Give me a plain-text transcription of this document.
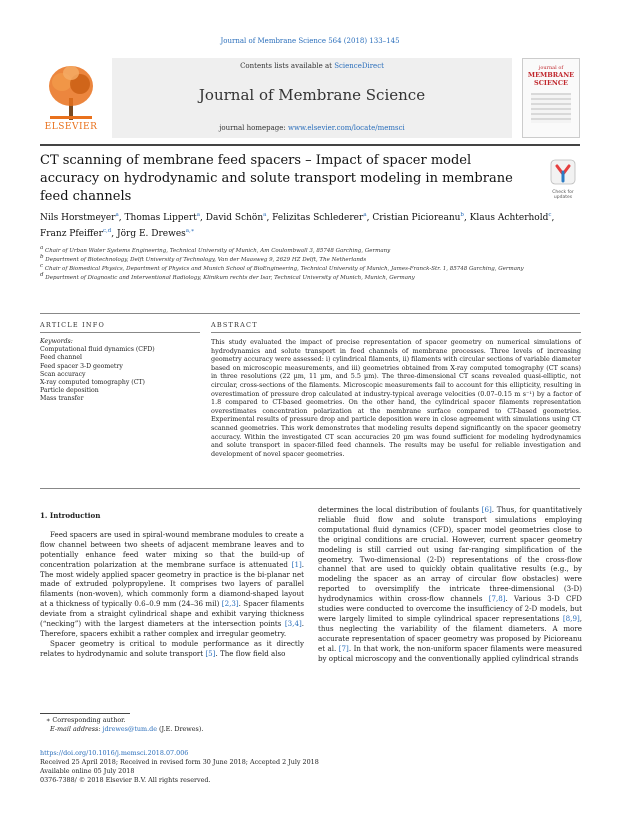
Journal of Membrane Science 564 (2018) 133–145
ELSEVIER
Contents lists available at ScienceDirect
Journal of Membrane Science
journal homepage: www.elsevier.com/locate/memsci
journal of
MEMBRANE
SCIENCE
CT scanning of membrane feed spacers – Impact of spacer model accuracy on hydrodynamic and solute transport modeling in membrane feed channels	Check for updates
Nils Horstmeyer$^a$, Thomas Lippert$^a$, David Schön$^a$, Felizitas Schlederer$^a$, Cristian Picioreanu$^b$, Klaus Achterhold$^c$, Franz Pfeiffer$^{c,d}$, Jörg E. Drewes$^{a,∗}$

$^a$ Chair of Urban Water Systems Engineering, Technical University of Munich, Am Coulombwall 3, 85748 Garching, Germany

$^b$ Department of Biotechnology, Delft University of Technology, Van der Maasweg 9, 2629 HZ Delft, The Netherlands

$^c$ Chair of Biomedical Physics, Department of Physics and Munich School of BioEngineering, Technical University of Munich, James-Franck-Str. 1, 85748 Garching, Germany

$^d$ Department of Diagnostic and Interventional Radiology, Klinikum rechts der Isar, Technical University of Munich, Munich, Germany

ARTICLE INFO	ABSTRACT
Keywords:
Computational fluid dynamics (CFD)
Feed channel
Feed spacer 3-D geometry
Scan accuracy
X-ray computed tomography (CT)
Particle deposition
Mass transfer
This study evaluated the impact of precise representation of spacer geometry on numerical simulations of hydrodynamics and solute transport in feed channels of membrane processes. Three levels of increasing geometry accuracy were assessed: i) cylindrical filaments, ii) filaments with circular sections of variable diameter based on microscopic measurements, and iii) geometries obtained from X-ray computed tomography (CT scans) in three resolutions (22 µm, 11 µm, and 5.5 µm). The three-dimensional CT scans revealed quasi-elliptic, not circular, cross-sections of the filaments. Microscopic measurements fail to account for this ellipticity, resulting in overestimation of pressure drop calculated at industry-typical average velocities (0.07–0.15 m s⁻¹) by a factor of 1.8 compared to CT-based geometries. On the other hand, the cylindrical spacer filaments representation overestimates concentration polarization at the membrane surface compared to CT-based geometries. Experimental results of pressure drop and particle deposition were in close agreement with simulations using CT scanned geometries. This work demonstrates that modeling results depend significantly on the spacer geometry accuracy. Within the investigated CT scan accuracies 20 µm was found sufficient for modeling hydrodynamics and solute transport in spacer-filled feed channels. The results may be useful for reliable investigation and development of novel spacer geometries.
1. Introduction

Feed spacers are used in spiral-wound membrane modules to create a flow channel between two sheets of adjacent membrane leaves and to potentially enhance feed water mixing so that the build-up of concentration polarization at the membrane surface is attenuated [1]. The most widely applied spacer geometry in practice is the bi-planar net made of extruded polypropylene. It comprises two layers of parallel filaments (non-woven), which commonly form a diamond-shaped layout at a thickness of typically 0.6–0.9 mm (24–36 mil) [2,3]. Spacer filaments deviate from a straight cylindrical shape and exhibit varying thickness (“necking”) with the largest diameters at the intersection points [3,4]. Therefore, spacers exhibit a rather complex and irregular geometry.

Spacer geometry is critical to module performance as it directly relates to hydrodynamic and solute transport [5]. The flow field also

determines the local distribution of foulants [6]. Thus, for quantitatively reliable fluid flow and solute transport simulations employing computational fluid dynamics (CFD), spacer model geometries close to the original conditions are crucial. However, current spacer geometry modeling is still carried out using far-ranging simplification of the geometry. Two-dimensional (2-D) representations of the cross-flow channel that are used to quickly obtain qualitative results (e.g., by modeling the spacer as an array of circular flow obstacles) were reported to oversimplify the intricate three-dimensional (3-D) hydrodynamics within cross-flow channels [7,8]. Various 3-D CFD studies were conducted to overcome the insufficiency of 2-D models, but were largely limited to simple cylindrical spacer representations [8,9], thus neglecting the variability of the filament diameters. A more accurate representation of spacer geometry was proposed by Picioreanu et al. [7]. In that work, the non-uniform spacer filaments were measured by optical microscopy and the conventionally applied cylindrical strands

∗ Corresponding author.
E-mail address: jdrewes@tum.de (J.E. Drewes).
https://doi.org/10.1016/j.memsci.2018.07.006
Received 25 April 2018; Received in revised form 30 June 2018; Accepted 2 July 2018
Available online 05 July 2018
0376-7388/ © 2018 Elsevier B.V. All rights reserved.
